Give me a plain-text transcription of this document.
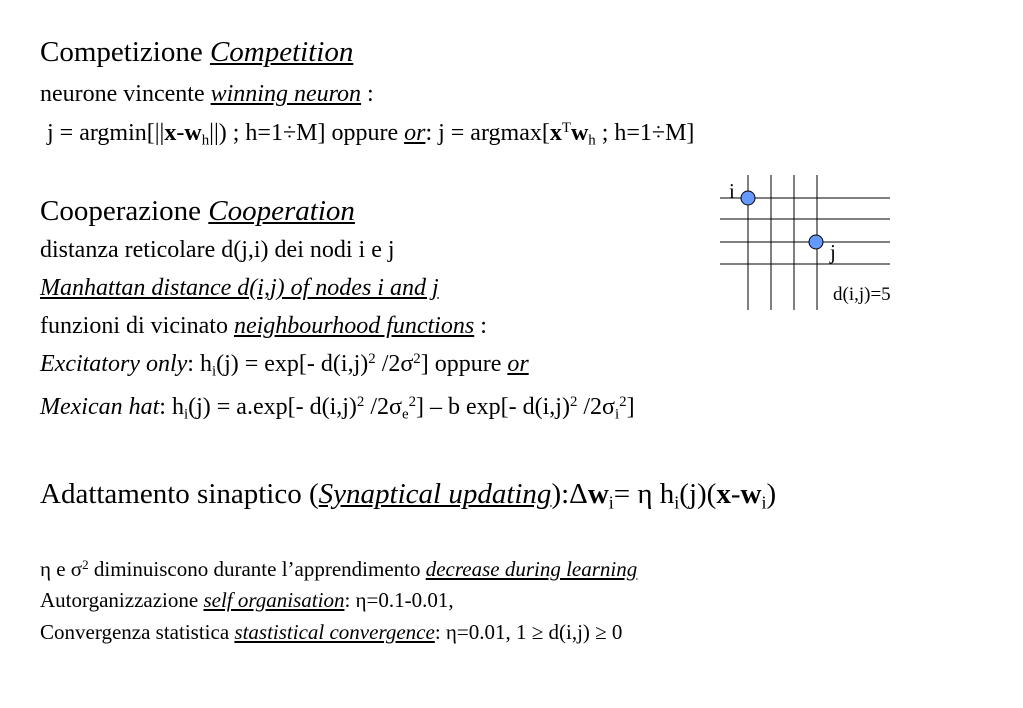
Competizione Competition
neurone vincente winning neuron :
$j = argmin[||x-w_h||)$ ; h=1÷M] oppure or: $j = argmax[x^Tw_h$ ; h=1÷M]
Cooperazione Cooperation
distanza reticolare d(j,i) dei nodi i e j
Manhattan distance d(i,j) of nodes i and j
funzioni di vicinato neighbourhood functions :
Excitatory only: $h_i(j) = \exp[-$ $d(i,j)^2$ $/2\sigma^2$] oppure or
Mexican hat: $h_i(j) = a.\exp[-$ $d(i,j)^2$ $/2\sigma_e^2$] – b exp[- $d(i,j)^2$ $/2\sigma_i^2$]
Adattamento sinaptico (Synaptical $updating):\Delta w_i= \eta$ $h_i(j)(x-w_i)$
η e $\sigma^2$ diminuiscono durante l’apprendimento decrease during learning
Autorganizzazione self organisation: η=0.1-0.01,
Convergenza statistica stastistical convergence: η=0.01, 1 ≥ d(i,j) ≥ 0
i
j
d(i,j)=5
